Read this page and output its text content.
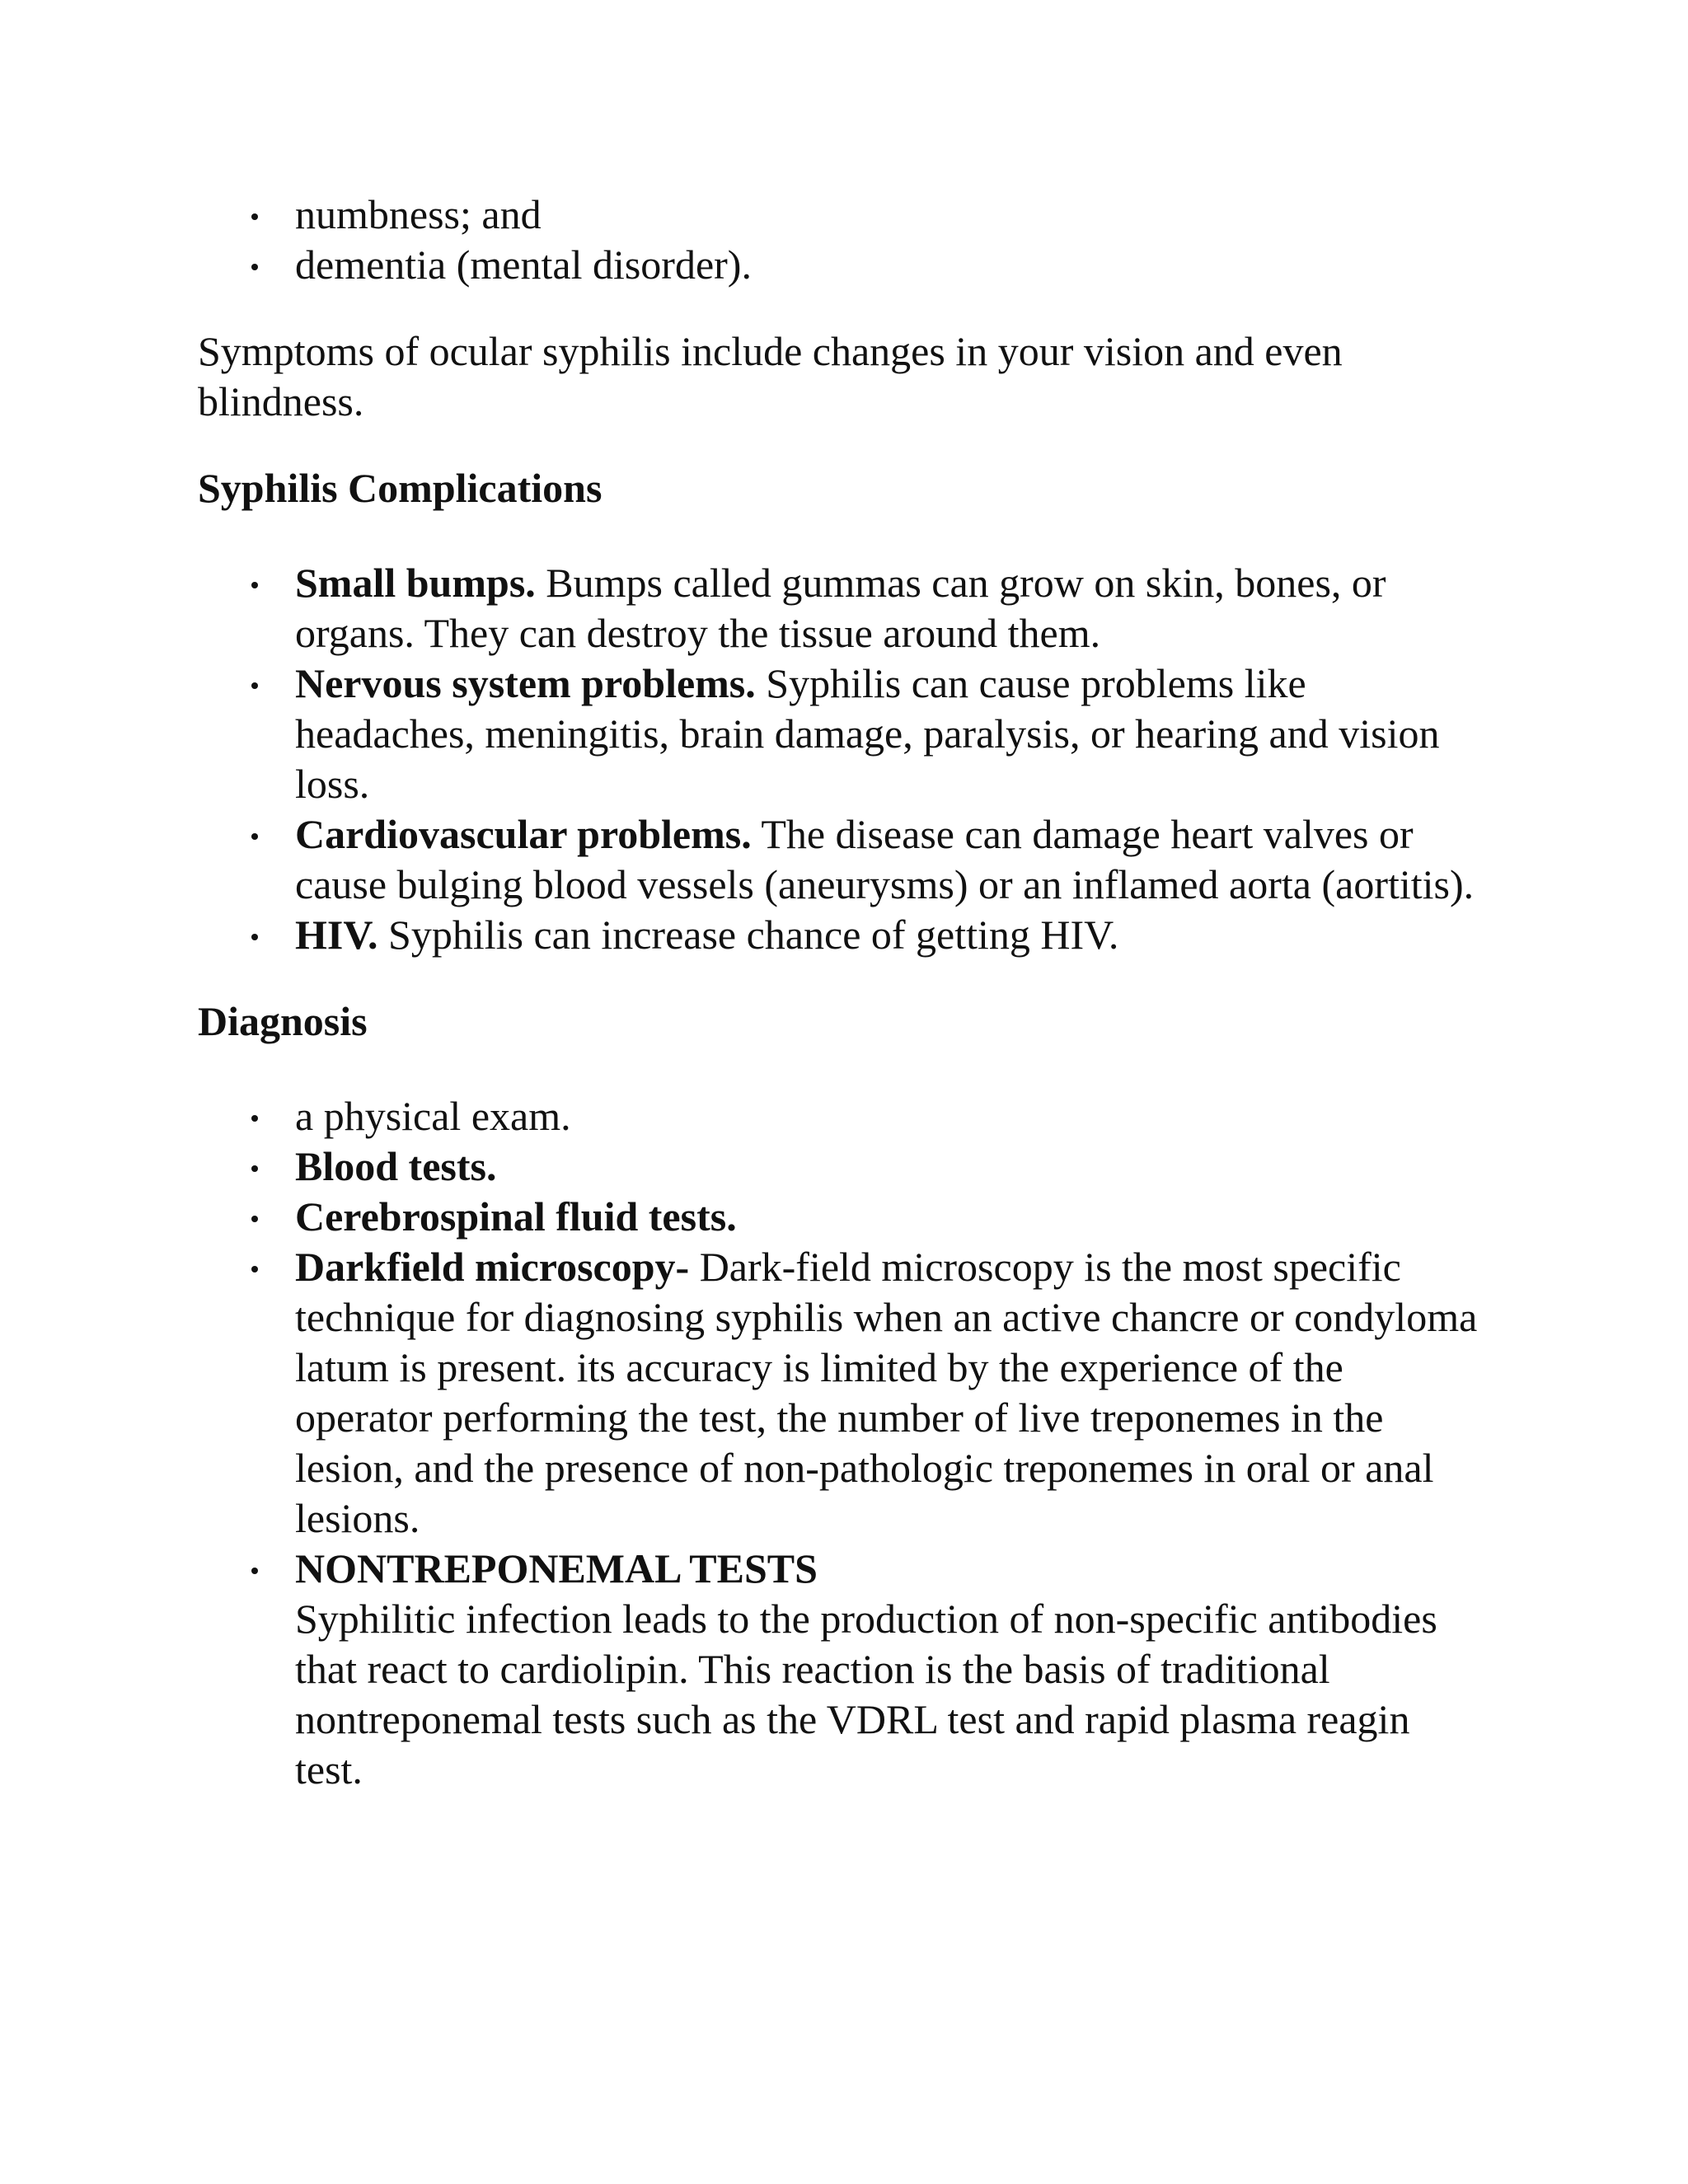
numbness; and
dementia (mental disorder).

Symptoms of ocular syphilis include changes in your vision and even blindness.

Syphilis Complications
Small bumps. Bumps called gummas can grow on skin, bones, or organs. They can destroy the tissue around them.
Nervous system problems. Syphilis can cause problems like headaches, meningitis, brain damage, paralysis, or hearing and vision loss.
Cardiovascular problems. The disease can damage heart valves or cause bulging blood vessels (aneurysms) or an inflamed aorta (aortitis).
HIV. Syphilis can increase chance of getting HIV.
Diagnosis
a physical exam.
Blood tests.
Cerebrospinal fluid tests.
Darkfield microscopy- Dark-field microscopy is the most specific technique for diagnosing syphilis when an active chancre or condyloma latum is present. its accuracy is limited by the experience of the operator performing the test, the number of live treponemes in the lesion, and the presence of non-pathologic treponemes in oral or anal lesions.
NONTREPONEMAL TESTS
Syphilitic infection leads to the production of non-specific antibodies that react to cardiolipin. This reaction is the basis of traditional nontreponemal tests such as the VDRL test and rapid plasma reagin test.
